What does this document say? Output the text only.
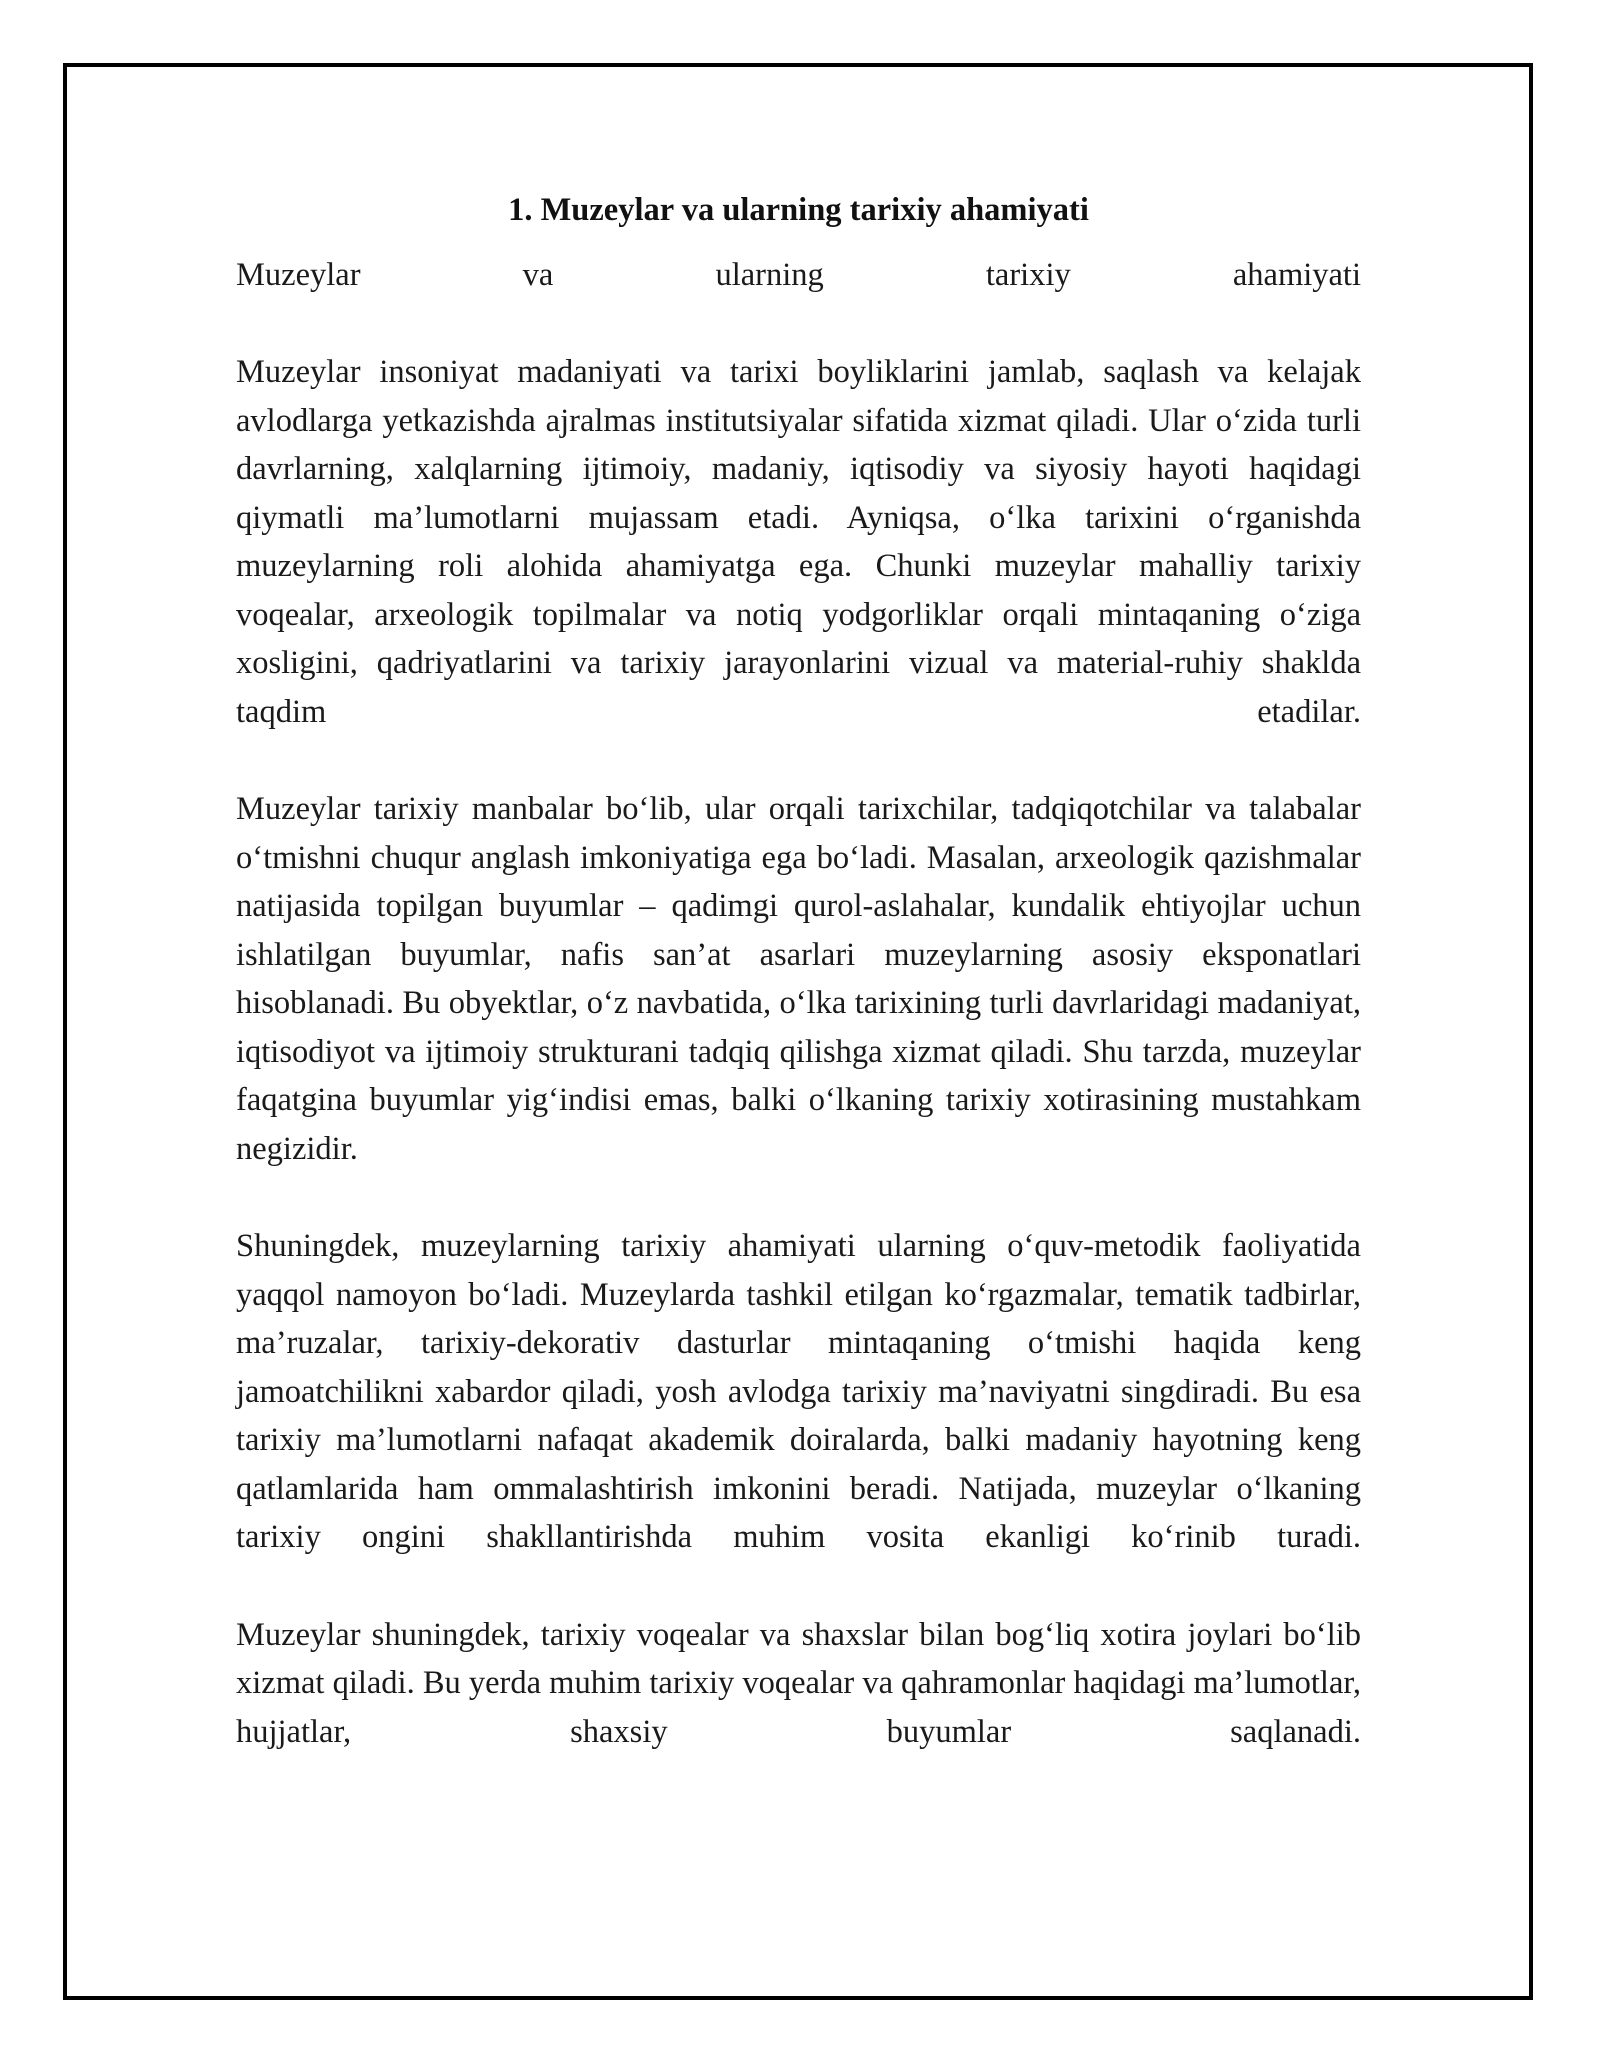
1. Muzeylar va ularning tarixiy ahamiyati

Muzeylar va ularning tarixiy ahamiyati

Muzeylar insoniyat madaniyati va tarixi boyliklarini jamlab, saqlash va kelajak avlodlarga yetkazishda ajralmas institutsiyalar sifatida xizmat qiladi. Ular o‘zida turli davrlarning, xalqlarning ijtimoiy, madaniy, iqtisodiy va siyosiy hayoti haqidagi qiymatli ma’lumotlarni mujassam etadi. Ayniqsa, o‘lka tarixini o‘rganishda muzeylarning roli alohida ahamiyatga ega. Chunki muzeylar mahalliy tarixiy voqealar, arxeologik topilmalar va notiq yodgorliklar orqali mintaqaning o‘ziga xosligini, qadriyatlarini va tarixiy jarayonlarini vizual va material-ruhiy shaklda taqdim etadilar.

Muzeylar tarixiy manbalar bo‘lib, ular orqali tarixchilar, tadqiqotchilar va talabalar o‘tmishni chuqur anglash imkoniyatiga ega bo‘ladi. Masalan, arxeologik qazishmalar natijasida topilgan buyumlar – qadimgi qurol-aslahalar, kundalik ehtiyojlar uchun ishlatilgan buyumlar, nafis san’at asarlari muzeylarning asosiy eksponatlari hisoblanadi. Bu obyektlar, o‘z navbatida, o‘lka tarixining turli davrlaridagi madaniyat, iqtisodiyot va ijtimoiy strukturani tadqiq qilishga xizmat qiladi. Shu tarzda, muzeylar faqatgina buyumlar yig‘indisi emas, balki o‘lkaning tarixiy xotirasining mustahkam negizidir.

Shuningdek, muzeylarning tarixiy ahamiyati ularning o‘quv-metodik faoliyatida yaqqol namoyon bo‘ladi. Muzeylarda tashkil etilgan ko‘rgazmalar, tematik tadbirlar, ma’ruzalar, tarixiy-dekorativ dasturlar mintaqaning o‘tmishi haqida keng jamoatchilikni xabardor qiladi, yosh avlodga tarixiy ma’naviyatni singdiradi. Bu esa tarixiy ma’lumotlarni nafaqat akademik doiralarda, balki madaniy hayotning keng qatlamlarida ham ommalashtirish imkonini beradi. Natijada, muzeylar o‘lkaning tarixiy ongini shakllantirishda muhim vosita ekanligi ko‘rinib turadi.

Muzeylar shuningdek, tarixiy voqealar va shaxslar bilan bog‘liq xotira joylari bo‘lib xizmat qiladi. Bu yerda muhim tarixiy voqealar va qahramonlar haqidagi ma’lumotlar, hujjatlar, shaxsiy buyumlar saqlanadi.
